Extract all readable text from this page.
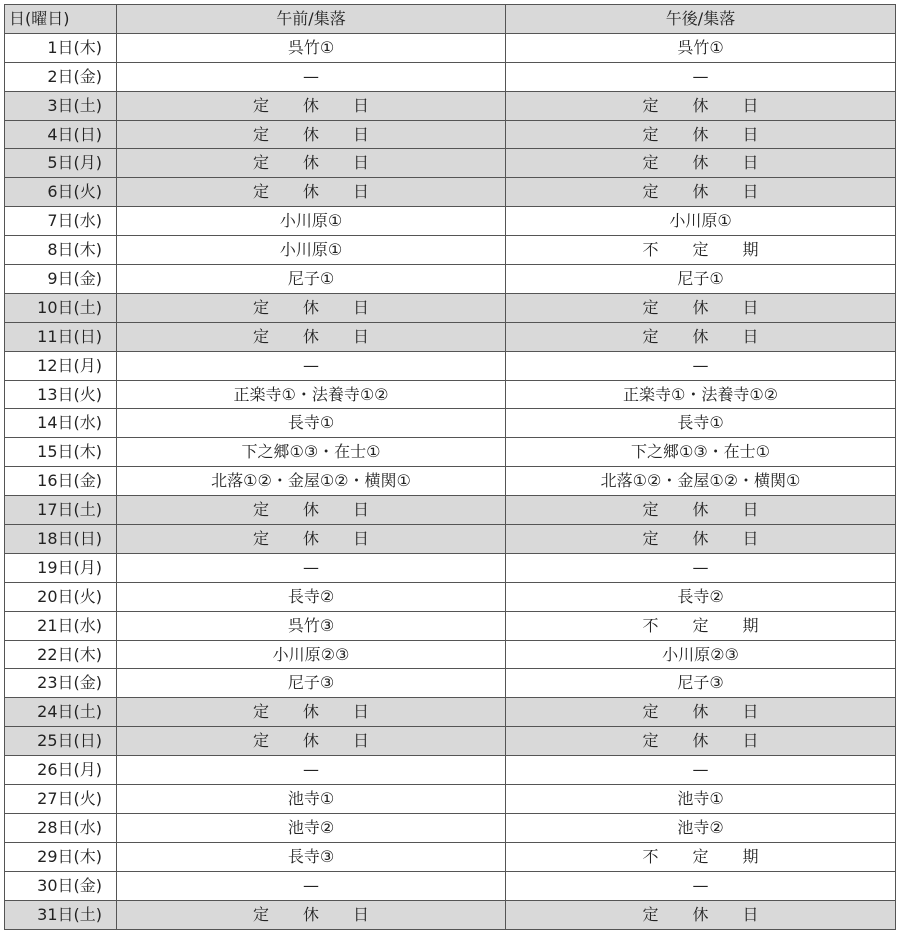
日(曜日)	午前/集落	午後/集落
1日(木)	呉竹①	呉竹①
2日(金)	—	—
3日(土)	定休日	定休日
4日(日)	定休日	定休日
5日(月)	定休日	定休日
6日(火)	定休日	定休日
7日(水)	小川原①	小川原①
8日(木)	小川原①	不定期
9日(金)	尼子①	尼子①
10日(土)	定休日	定休日
11日(日)	定休日	定休日
12日(月)	—	—
13日(火)	正楽寺①・法養寺①②	正楽寺①・法養寺①②
14日(水)	長寺①	長寺①
15日(木)	下之郷①③・在士①	下之郷①③・在士①
16日(金)	北落①②・金屋①②・横関①	北落①②・金屋①②・横関①
17日(土)	定休日	定休日
18日(日)	定休日	定休日
19日(月)	—	—
20日(火)	長寺②	長寺②
21日(水)	呉竹③	不定期
22日(木)	小川原②③	小川原②③
23日(金)	尼子③	尼子③
24日(土)	定休日	定休日
25日(日)	定休日	定休日
26日(月)	—	—
27日(火)	池寺①	池寺①
28日(水)	池寺②	池寺②
29日(木)	長寺③	不定期
30日(金)	—	—
31日(土)	定休日	定休日
